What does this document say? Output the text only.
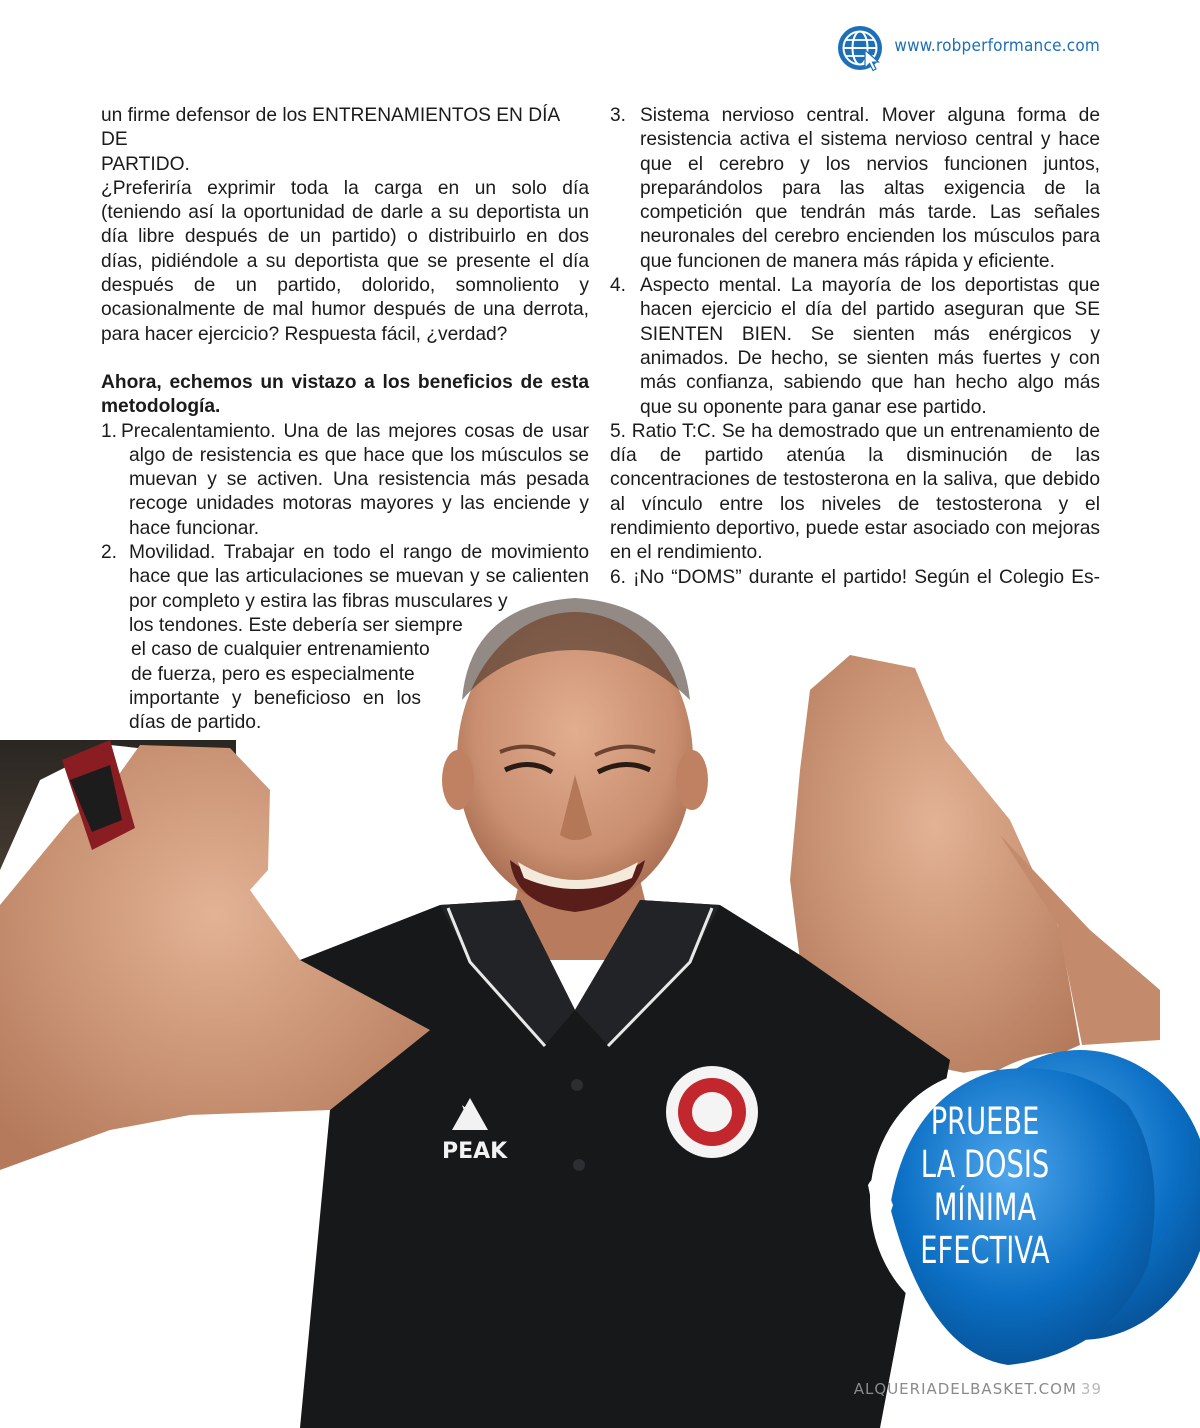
www.robperformance.com
PEAK
PRUEBE
LA DOSIS
MÍNIMA
EFECTIVA

un firme defensor de los ENTRENAMIENTOS EN DÍA DE

PARTIDO.

¿Preferiría exprimir toda la carga en un solo día (teniendo así la oportunidad de darle a su deportista un día libre después de un partido) o distribuirlo en dos días, pidiéndole a su deportista que se presente el día después de un partido, dolorido, somnoliento y ocasionalmente de mal humor después de una derrota, para hacer ejercicio? Respuesta fácil, ¿verdad?

Ahora, echemos un vistazo a los beneficios de esta metodología.

1. Precalentamiento. Una de las mejores cosas de usar algo de resistencia es que hace que los músculos se muevan y se activen. Una resistencia más pesada recoge unidades motoras mayores y las enciende y hace funcionar.
2. Movilidad. Trabajar en todo el rango de movimiento
hace que las articulaciones se muevan y se calienten
por completo y estira las fibras musculares y
los tendones. Este debería ser siempre
el caso de cualquier entrenamiento
de fuerza, pero es especialmente
importante y beneficioso en los
días de partido.
3. Sistema nervioso central. Mover alguna forma de resistencia activa el sistema nervioso central y hace que el cerebro y los nervios funcionen juntos, preparándolos para las altas exigencia de la competición que tendrán más tarde. Las señales neuronales del cerebro encienden los músculos para que funcionen de manera más rápida y eficiente.
4. Aspecto mental. La mayoría de los deportistas que hacen ejercicio el día del partido aseguran que SE SIENTEN BIEN. Se sienten más enérgicos y animados. De hecho, se sienten más fuertes y con más confianza, sabiendo que han hecho algo más que su oponente para ganar ese partido.

5. Ratio T:C. Se ha demostrado que un entrenamiento de día de partido atenúa la disminución de las concentraciones de testosterona en la saliva, que debido al vínculo entre los niveles de testosterona y el rendimiento deportivo, puede estar asociado con mejoras en el rendimiento.

6. ¡No “DOMS” durante el partido! Según el Colegio Es-

ALQUERIADELBASKET.COM 39
